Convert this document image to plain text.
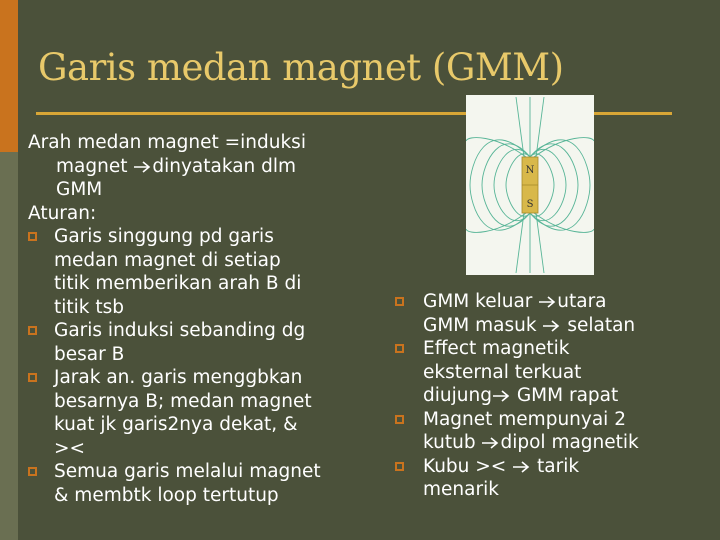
Garis medan magnet (GMM)
N
S

Arah medan magnet =induksi

magnet dinyatakan dlm

GMM

Aturan:

Garis singgung pd garis
medan magnet di setiap
titik memberikan arah B di
titik tsb
Garis induksi sebanding dg
besar B
Jarak an. garis menggbkan
besarnya B; medan magnet
kuat jk garis2nya dekat, &
><
Semua garis melalui magnet
& membtk loop tertutup
GMM keluar utara
GMM masuk  selatan
Effect magnetik
eksternal terkuat
diujung GMM rapat
Magnet mempunyai 2
kutub dipol magnetik
Kubu ><  tarik
menarik
